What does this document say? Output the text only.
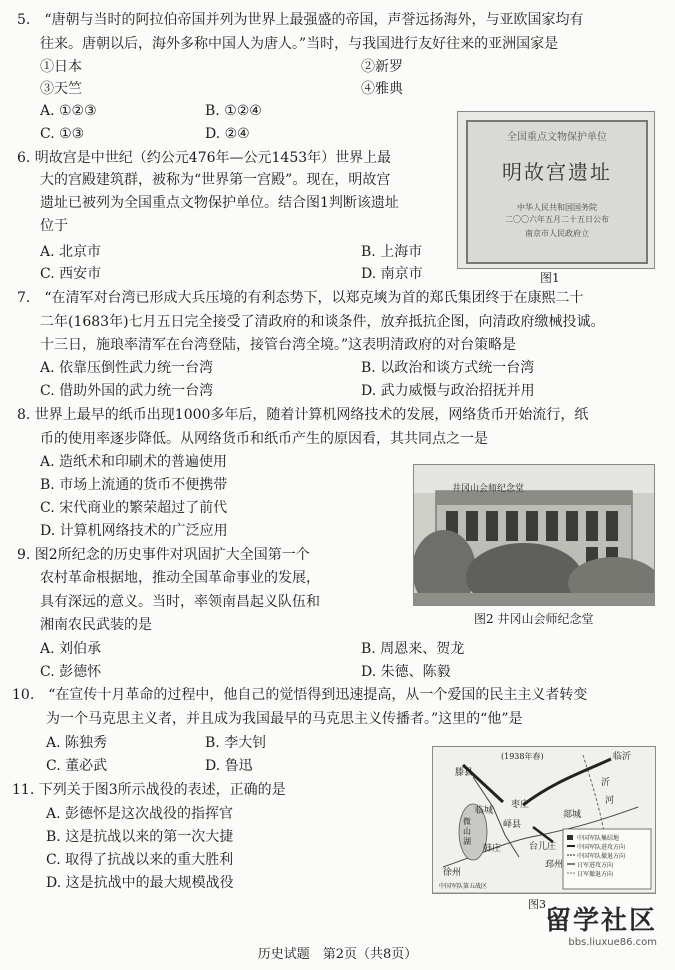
5.　“唐朝与当时的阿拉伯帝国并列为世界上最强盛的帝国，声誉远扬海外，与亚欧国家均有
往来。唐朝以后，海外多称中国人为唐人。”当时，与我国进行友好往来的亚洲国家是
①日本	②新罗
③天竺	④雅典
A. ①②③	B. ①②④
C. ①③	D. ②④
6. 明故宫是中世纪（约公元476年—公元1453年）世界上最
大的宫殿建筑群，被称为“世界第一宫殿”。现在，明故宫
遗址已被列为全国重点文物保护单位。结合图1判断该遗址
位于
A. 北京市	B. 上海市
C. 西安市	D. 南京市
全国重点文物保护单位
明故宫遗址
中华人民共和国国务院
二〇〇六年五月二十五日公布
南京市人民政府立
图1
7.　“在清军对台湾已形成大兵压境的有利态势下，以郑克塽为首的郑氏集团终于在康熙二十
二年(1683年)七月五日完全接受了清政府的和谈条件，放弃抵抗企图，向清政府缴械投诚。
十三日，施琅率清军在台湾登陆，接管台湾全境。”这表明清政府的对台策略是
A. 依靠压倒性武力统一台湾	B. 以政治和谈方式统一台湾
C. 借助外国的武力统一台湾	D. 武力威慑与政治招抚并用
8. 世界上最早的纸币出现1000多年后，随着计算机网络技术的发展，网络货币开始流行，纸
币的使用率逐步降低。从网络货币和纸币产生的原因看，其共同点之一是
A. 造纸术和印刷术的普遍使用
B. 市场上流通的货币不便携带
C. 宋代商业的繁荣超过了前代
D. 计算机网络技术的广泛应用
井冈山会师纪念堂
图2 井冈山会师纪念堂
9. 图2所纪念的历史事件对巩固扩大全国第一个
农村革命根据地，推动全国革命事业的发展，
具有深远的意义。当时，率领南昌起义队伍和
湘南农民武装的是
A. 刘伯承	B. 周恩来、贺龙
C. 彭德怀	D. 朱德、陈毅
10.　“在宣传十月革命的过程中，他自己的觉悟得到迅速提高，从一个爱国的民主主义者转变
为一个马克思主义者，并且成为我国最早的马克思主义传播者。”这里的“他”是
A. 陈独秀	B. 李大钊
C. 董必武	D. 鲁迅
11. 下列关于图3所示战役的表述，正确的是
A. 彭德怀是这次战役的指挥官
B. 这是抗战以来的第一次大捷
C. 取得了抗战以来的重大胜利
D. 这是抗战中的最大规模战役
(1938年春)	临沂
滕县
枣庄
临城
峄县
韩庄	台儿庄
邳州
微山湖
徐州
沂
河
郯城
中国军队第五战区
中国军队集结地
中国军队进攻方向
中国军队撤退方向
日军进攻方向
日军撤退方向
图3
留学社区
bbs.liuxue86.com
历史试题　第2页（共8页）
